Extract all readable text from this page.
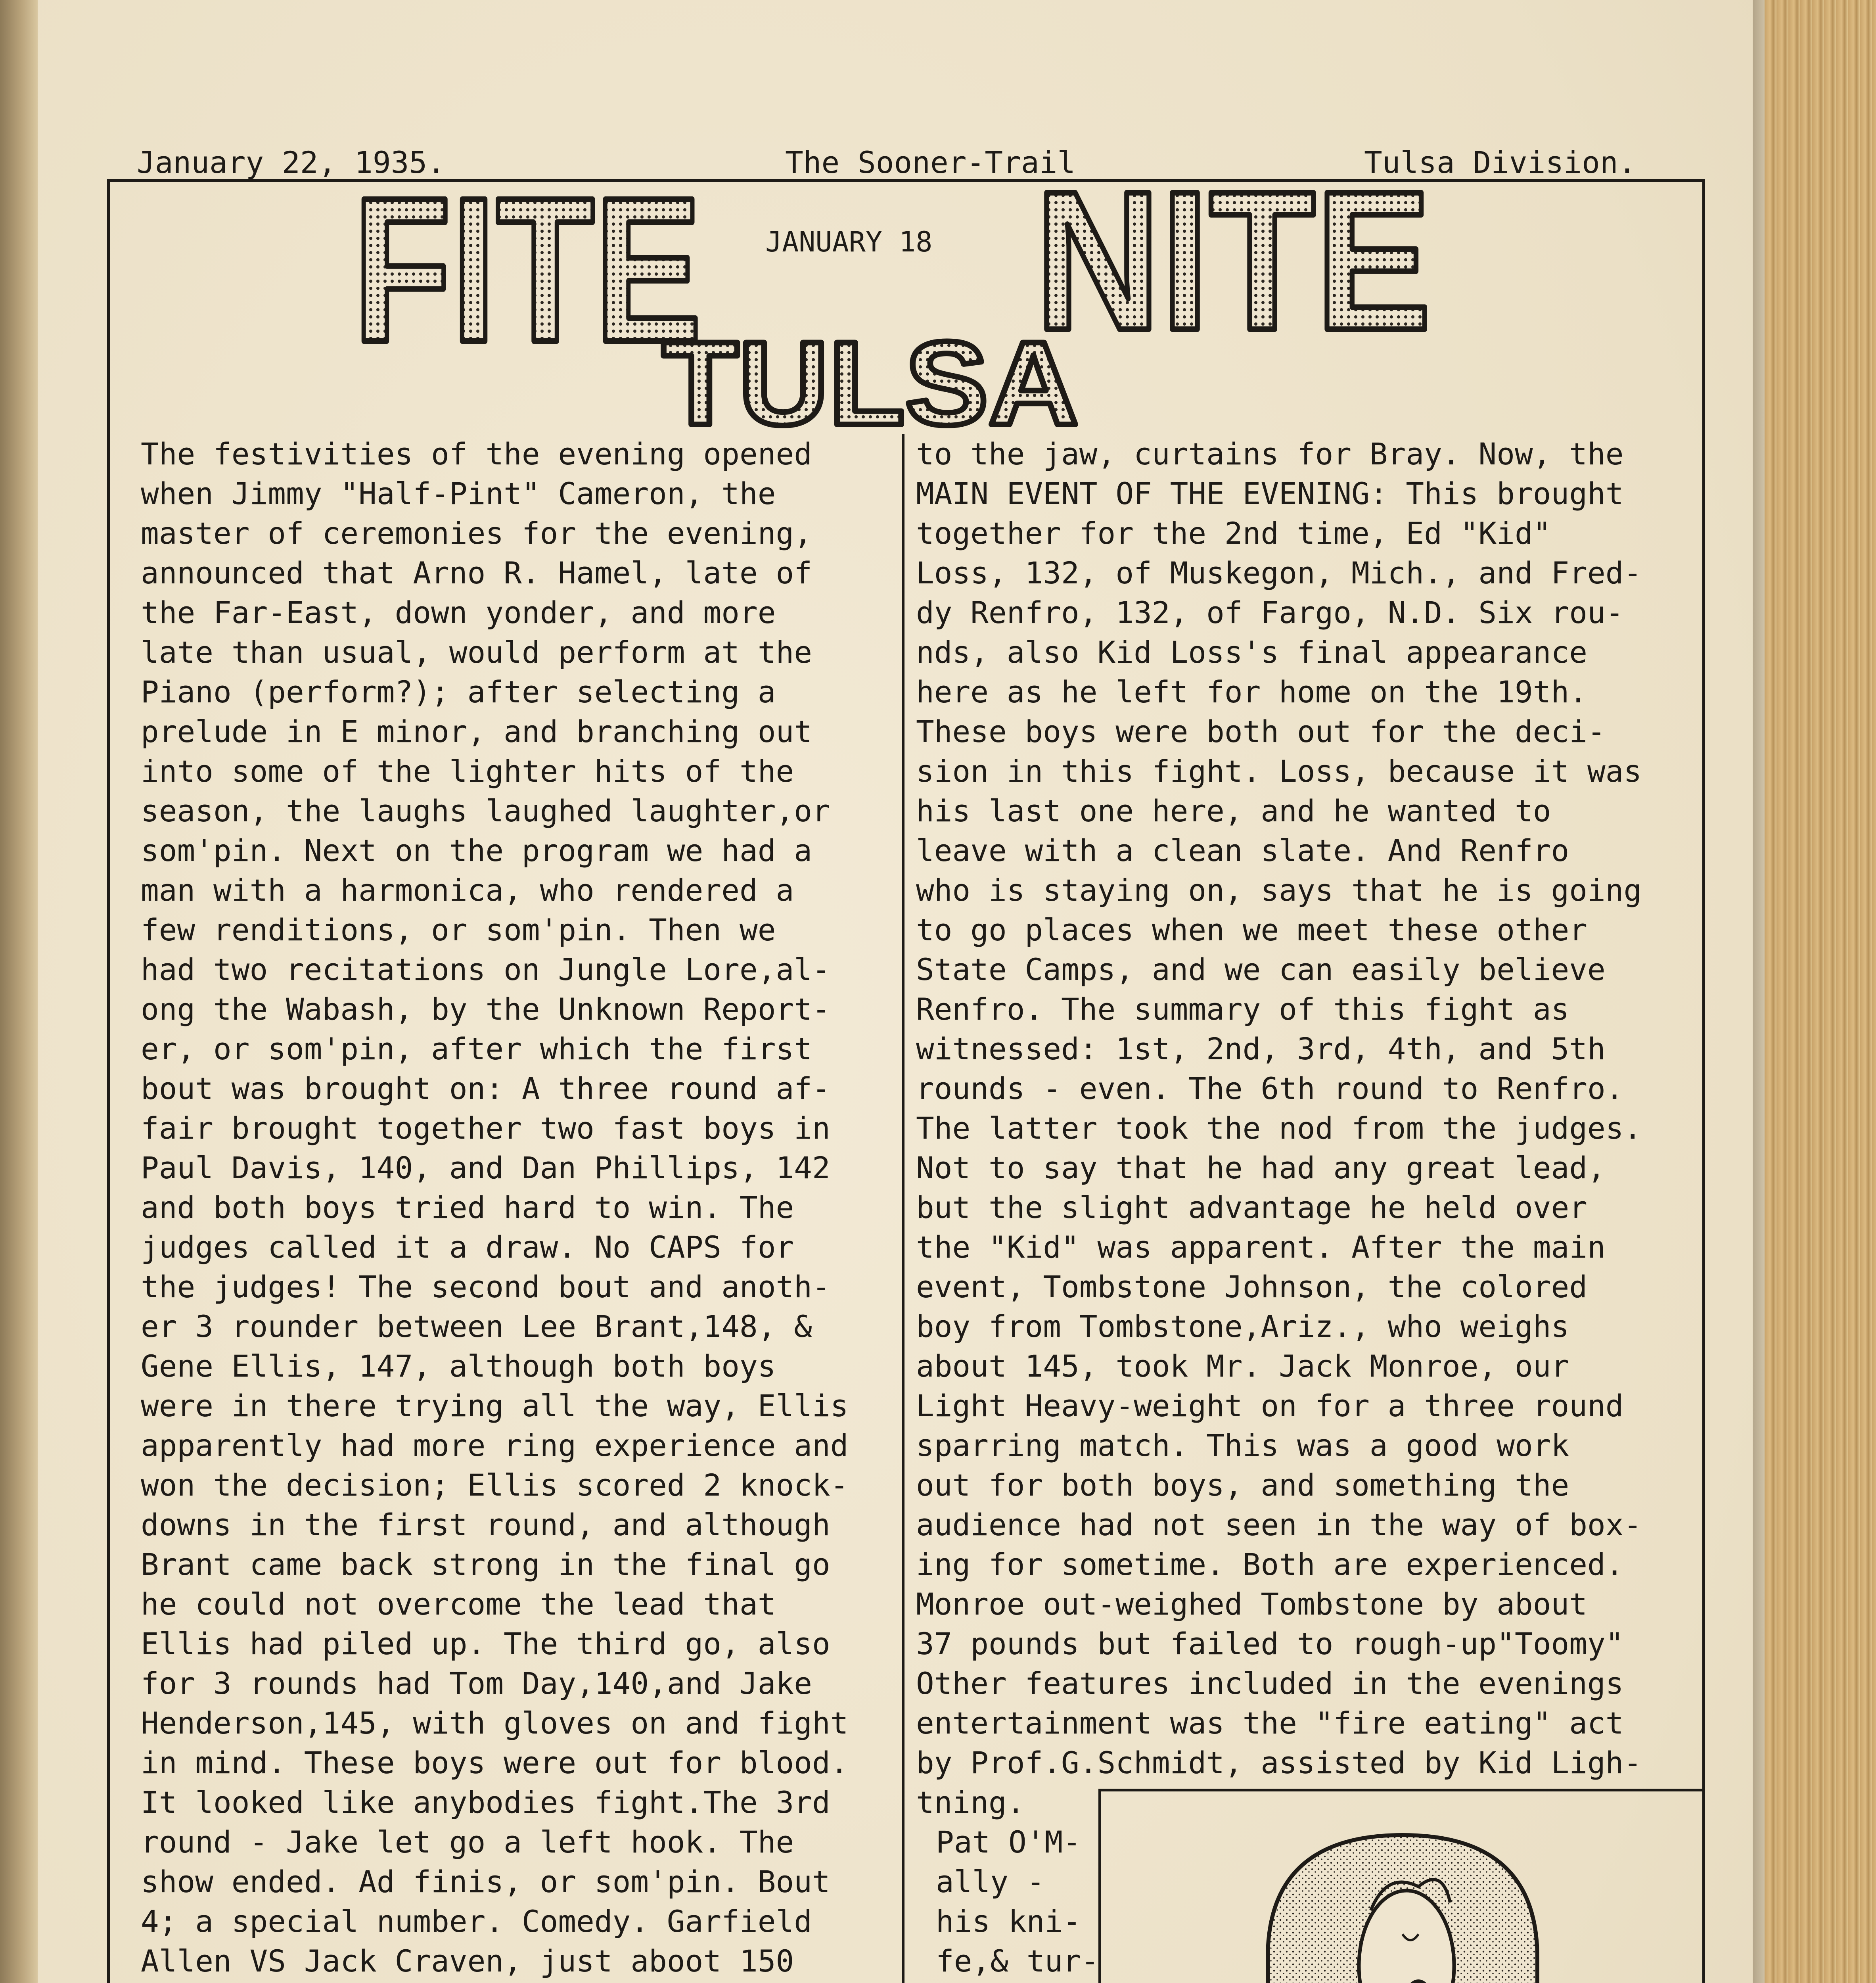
January 22, 1935.	The Sooner-Trail	Tulsa Division.
FITE
TULSA
NITE
JANUARY 18
The festivities of the evening opened
when Jimmy "Half-Pint" Cameron, the
master of ceremonies for the evening,
announced that Arno R. Hamel, late of
the Far-East, down yonder, and more
late than usual, would perform at the
Piano (perform?); after selecting a
prelude in E minor, and branching out
into some of the lighter hits of the
season, the laughs laughed laughter,or
som'pin. Next on the program we had a
man with a harmonica, who rendered a
few renditions, or som'pin. Then we
had two recitations on Jungle Lore,al-
ong the Wabash, by the Unknown Report-
er, or som'pin, after which the first
bout was brought on: A three round af-
fair brought together two fast boys in
Paul Davis, 140, and Dan Phillips, 142
and both boys tried hard to win. The
judges called it a draw. No CAPS for
the judges! The second bout and anoth-
er 3 rounder between Lee Brant,148, &
Gene Ellis, 147, although both boys
were in there trying all the way, Ellis
apparently had more ring experience and
won the decision; Ellis scored 2 knock-
downs in the first round, and although
Brant came back strong in the final go
he could not overcome the lead that
Ellis had piled up. The third go, also
for 3 rounds had Tom Day,140,and Jake
Henderson,145, with gloves on and fight
in mind. These boys were out for blood.
It looked like anybodies fight.The 3rd
round - Jake let go a left hook. The
show ended. Ad finis, or som'pin. Bout
4; a special number. Comedy. Garfield
Allen VS Jack Craven, just aboot 150
to the jaw, curtains for Bray. Now, the
MAIN EVENT OF THE EVENING: This brought
together for the 2nd time, Ed "Kid"
Loss, 132, of Muskegon, Mich., and Fred-
dy Renfro, 132, of Fargo, N.D. Six rou-
nds, also Kid Loss's final appearance
here as he left for home on the 19th.
These boys were both out for the deci-
sion in this fight. Loss, because it was
his last one here, and he wanted to
leave with a clean slate. And Renfro
who is staying on, says that he is going
to go places when we meet these other
State Camps, and we can easily believe
Renfro. The summary of this fight as
witnessed: 1st, 2nd, 3rd, 4th, and 5th
rounds - even. The 6th round to Renfro.
The latter took the nod from the judges.
Not to say that he had any great lead,
but the slight advantage he held over
the "Kid" was apparent. After the main
event, Tombstone Johnson, the colored
boy from Tombstone,Ariz., who weighs
about 145, took Mr. Jack Monroe, our
Light Heavy-weight on for a three round
sparring match. This was a good work
out for both boys, and something the
audience had not seen in the way of box-
ing for sometime. Both are experienced.
Monroe out-weighed Tombstone by about
37 pounds but failed to rough-up"Toomy"
Other features included in the evenings
entertainment was the "fire eating" act
by Prof.G.Schmidt, assisted by Kid Ligh-
tning.
Pat O'M-
ally -
his kni-
fe,& tur-
